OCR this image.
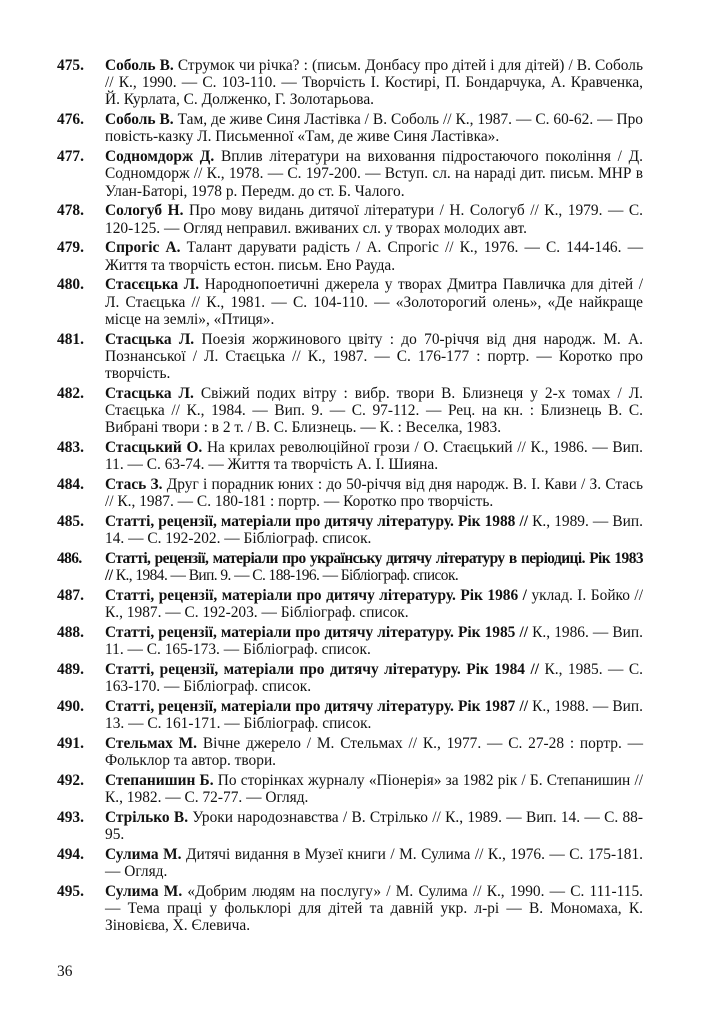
475. Соболь В. Струмок чи річка? : (письм. Донбасу про дітей і для дітей) / В. Соболь // К., 1990. — С. 103-110. — Творчість І. Костирі, П. Бондарчука, А. Кравченка, Й. Курлата, С. Долженко, Г. Золотарьова.
476. Соболь В. Там, де живе Синя Ластівка / В. Соболь // К., 1987. — С. 60-62. — Про повість-казку Л. Письменної «Там, де живе Синя Ластівка».
477. Содномдорж Д. Вплив літератури на виховання підростаючого покоління / Д. Содномдорж // К., 1978. — С. 197-200. — Вступ. сл. на нараді дит. письм. МНР в Улан-Баторі, 1978 р. Передм. до ст. Б. Чалого.
478. Сологуб Н. Про мову видань дитячої літератури / Н. Сологуб // К., 1979. — С. 120-125. — Огляд неправил. вживаних сл. у творах молодих авт.
479. Спрогіс А. Талант дарувати радість / А. Спрогіс // К., 1976. — С. 144-146. — Життя та творчість естон. письм. Ено Рауда.
480. Стасєцька Л. Народнопоетичні джерела у творах Дмитра Павличка для дітей / Л. Стаєцька // К., 1981. — С. 104-110. — «Золоторогий олень», «Де найкраще місце на землі», «Птиця».
481. Стасцька Л. Поезія жоржинового цвіту : до 70-річчя від дня народж. М. А. Познанської / Л. Стаєцька // К., 1987. — С. 176-177 : портр. — Коротко про творчість.
482. Стасцька Л. Свіжий подих вітру : вибр. твори В. Близнеця у 2-х томах / Л. Стаєцька // К., 1984. — Вип. 9. — С. 97-112. — Рец. на кн. : Близнець В. С. Вибрані твори : в 2 т. / В. С. Близнець. — К. : Веселка, 1983.
483. Стасцький О. На крилах революційної грози / О. Стаєцький // К., 1986. — Вип. 11. — С. 63-74. — Життя та творчість А. І. Шияна.
484. Стась З. Друг і порадник юних : до 50-річчя від дня народж. В. І. Кави / З. Стась // К., 1987. — С. 180-181 : портр. — Коротко про творчість.
485. Статті, рецензії, матеріали про дитячу літературу. Рік 1988 // К., 1989. — Вип. 14. — С. 192-202. — Бібліограф. список.
486. Статті, рецензії, матеріали про українську дитячу літературу в періодиці. Рік 1983 // К., 1984. — Вип. 9. — С. 188-196. — Бібліограф. список.
487. Статті, рецензії, матеріали про дитячу літературу. Рік 1986 / уклад. І. Бойко // К., 1987. — С. 192-203. — Бібліограф. список.
488. Статті, рецензії, матеріали про дитячу літературу. Рік 1985 // К., 1986. — Вип. 11. — С. 165-173. — Бібліограф. список.
489. Статті, рецензії, матеріали про дитячу літературу. Рік 1984 // К., 1985. — С. 163-170. — Бібліограф. список.
490. Статті, рецензії, матеріали про дитячу літературу. Рік 1987 // К., 1988. — Вип. 13. — С. 161-171. — Бібліограф. список.
491. Стельмах М. Вічне джерело / М. Стельмах // К., 1977. — С. 27-28 : портр. — Фольклор та автор. твори.
492. Степанишин Б. По сторінках журналу «Піонерія» за 1982 рік / Б. Степанишин // К., 1982. — С. 72-77. — Огляд.
493. Стрілько В. Уроки народознавства / В. Стрілько // К., 1989. — Вип. 14. — С. 88-95.
494. Сулима М. Дитячі видання в Музеї книги / М. Сулима // К., 1976. — С. 175-181. — Огляд.
495. Сулима М. «Добрим людям на послугу» / М. Сулима // К., 1990. — С. 111-115. — Тема праці у фольклорі для дітей та давній укр. л-рі — В. Мономаха, К. Зіновієва, Х. Єлевича.
36
